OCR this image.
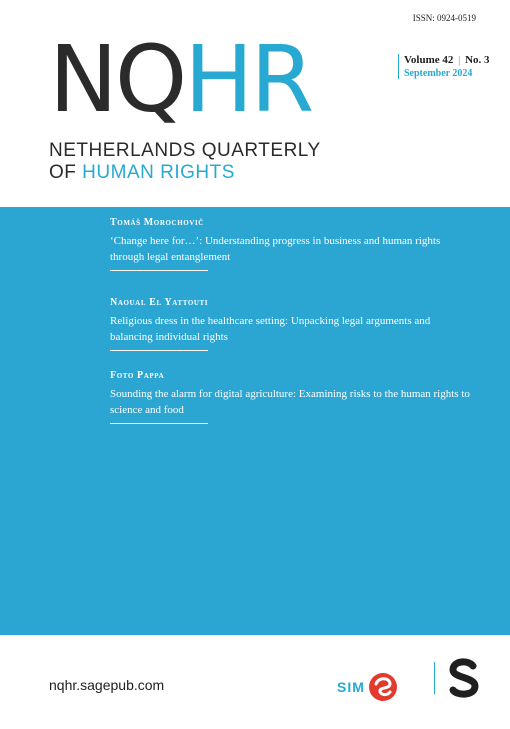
ISSN: 0924-0519
NQHR	Volume 42 | No. 3
September 2024
NETHERLANDS QUARTERLY
OF HUMAN RIGHTS
Tomáš Morochovič
‘Change here for…’: Understanding progress in business and human rights through legal entanglement
Naoual El Yattouti
Religious dress in the healthcare setting: Unpacking legal arguments and balancing individual rights
Foto Pappa
Sounding the alarm for digital agriculture: Examining risks to the human rights to science and food
nqhr.sagepub.com	SIM
